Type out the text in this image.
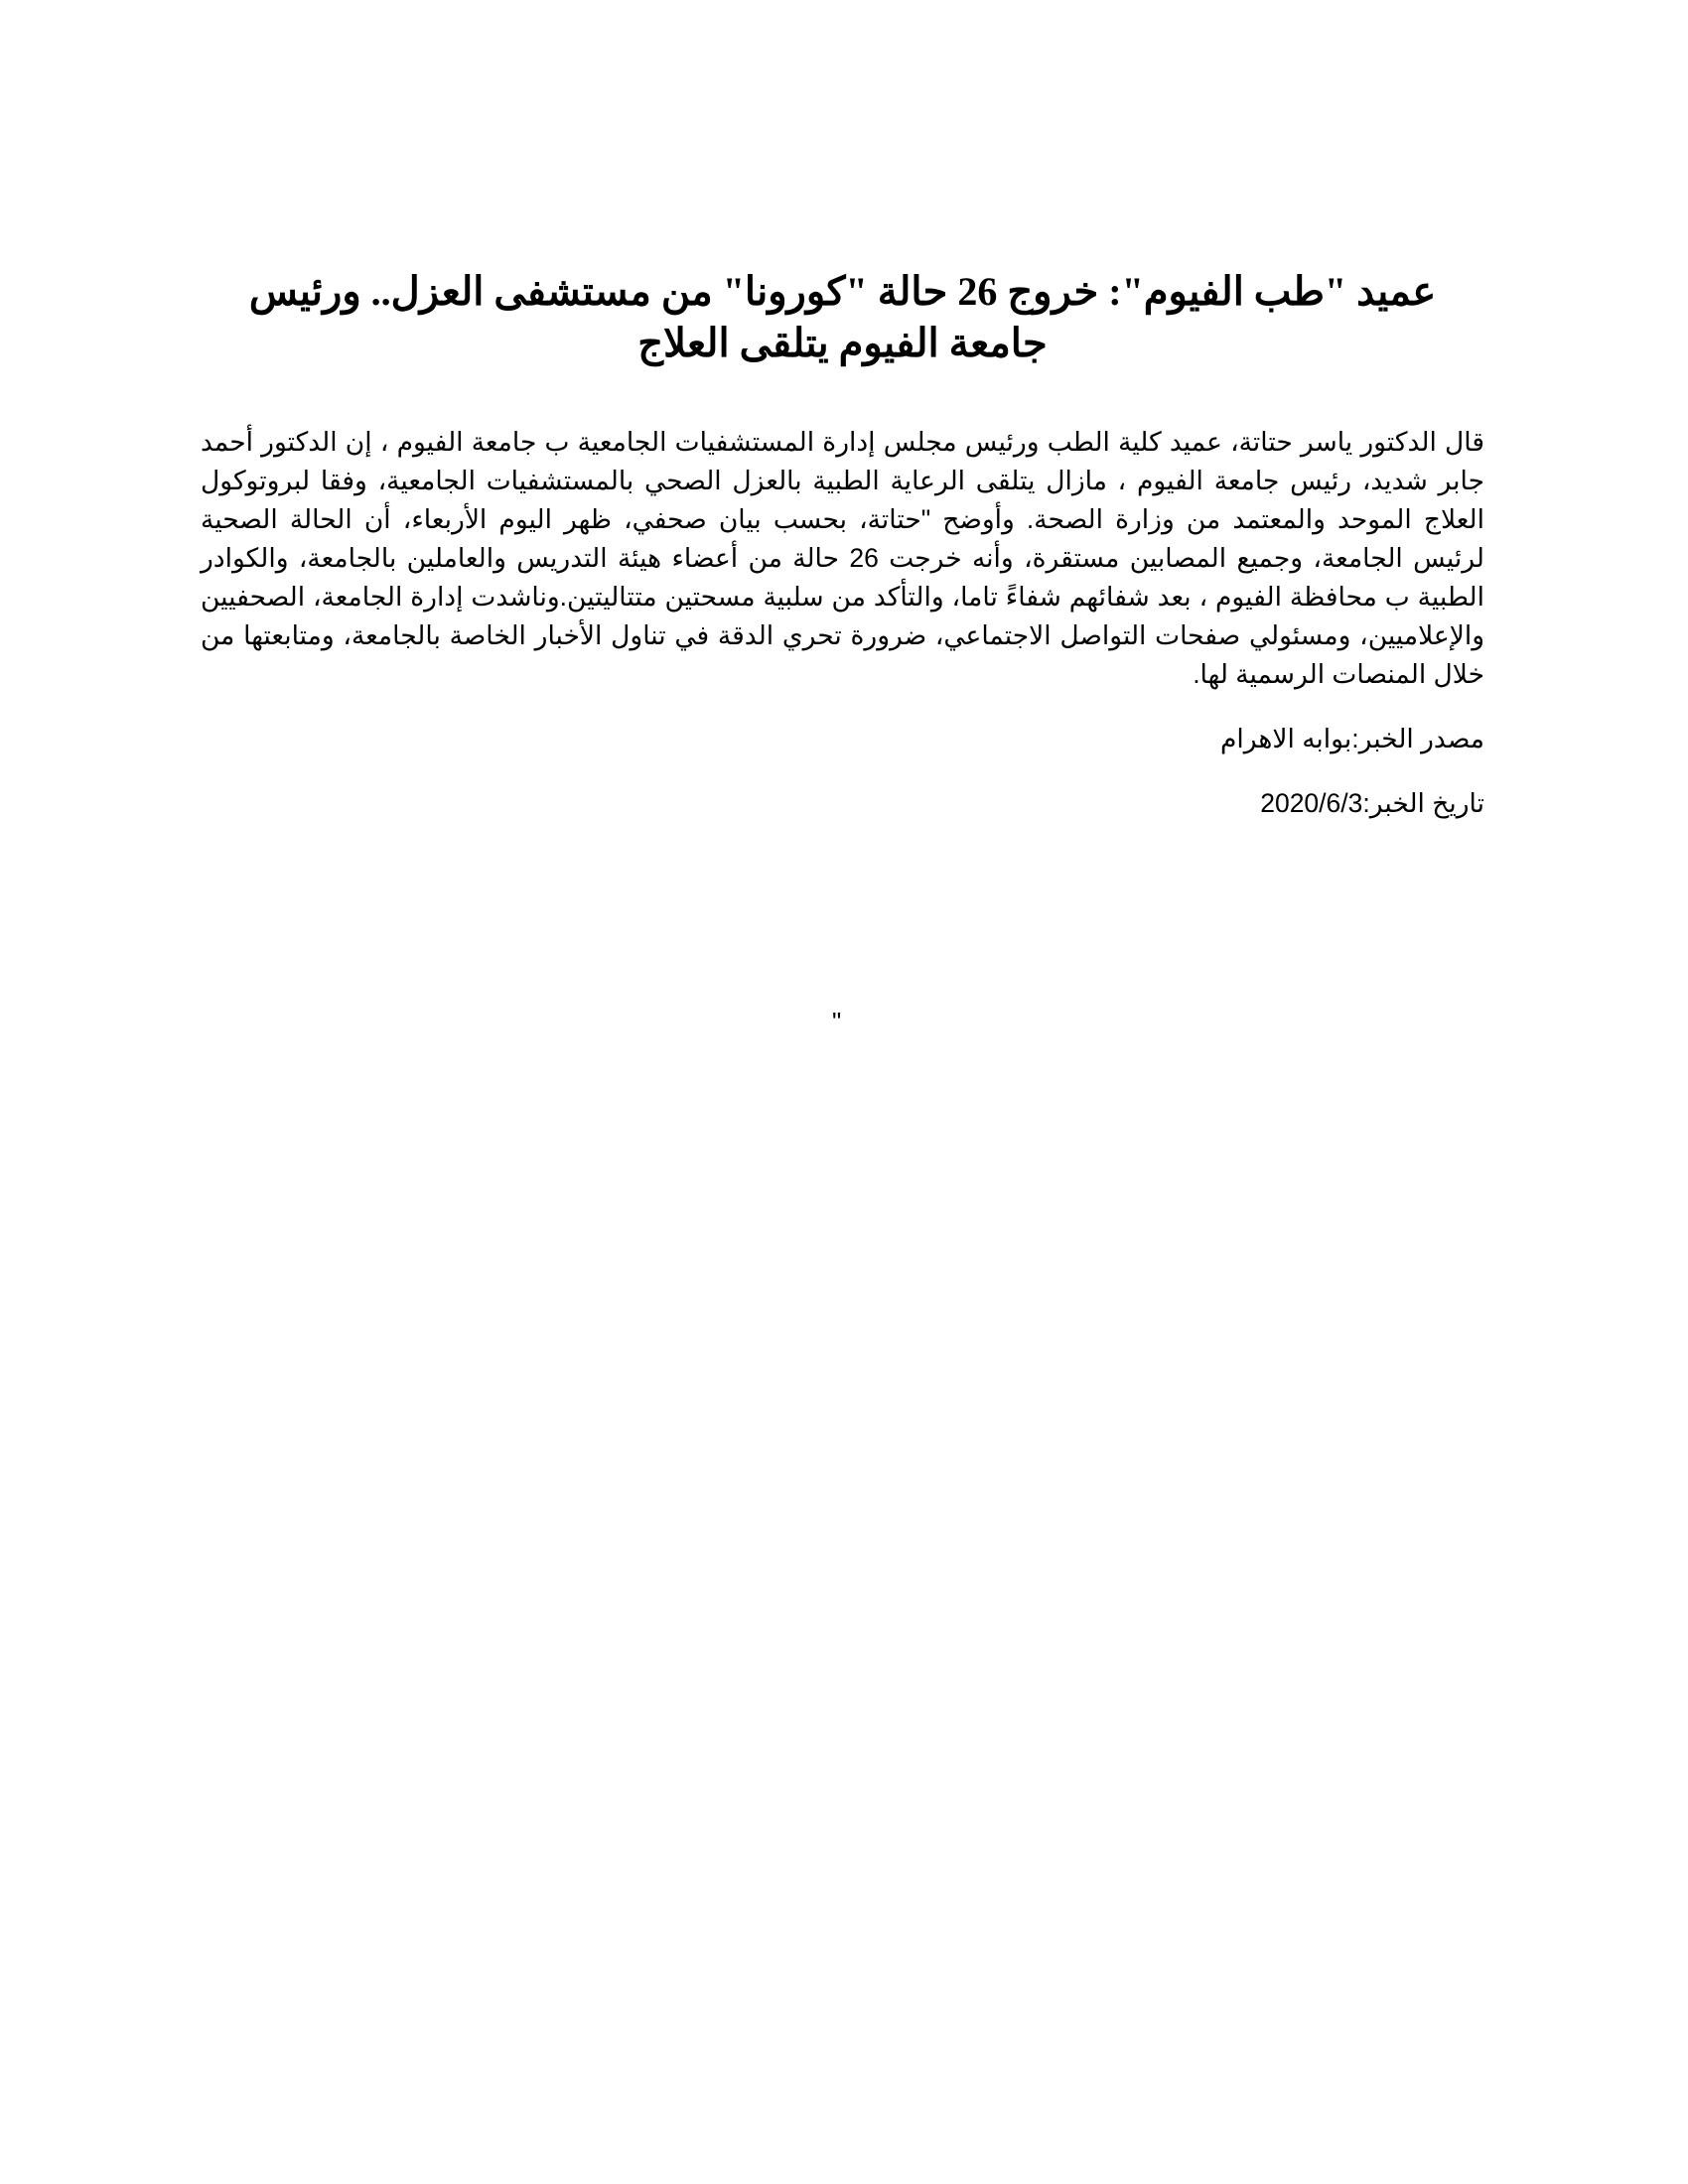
عميد "طب الفيوم": خروج 26 حالة "كورونا" من مستشفى العزل.. ورئيس جامعة الفيوم يتلقى العلاج

قال الدكتور ياسر حتاتة، عميد كلية الطب ورئيس مجلس إدارة المستشفيات الجامعية ب جامعة الفيوم ، إن الدكتور أحمد جابر شديد، رئيس جامعة الفيوم ، مازال يتلقى الرعاية الطبية بالعزل الصحي بالمستشفيات الجامعية، وفقا لبروتوكول العلاج الموحد والمعتمد من وزارة الصحة. وأوضح "حتاتة، بحسب بيان صحفي، ظهر اليوم الأربعاء، أن الحالة الصحية لرئيس الجامعة، وجميع المصابين مستقرة، وأنه خرجت 26 حالة من أعضاء هيئة التدريس والعاملين بالجامعة، والكوادر الطبية ب محافظة الفيوم ، بعد شفائهم شفاءً تاما، والتأكد من سلبية مسحتين متتاليتين.وناشدت إدارة الجامعة، الصحفيين والإعلاميين، ومسئولي صفحات التواصل الاجتماعي، ضرورة تحري الدقة في تناول الأخبار الخاصة بالجامعة، ومتابعتها من خلال المنصات الرسمية لها.

مصدر الخبر:بوابه الاهرام

تاريخ الخبر:2020/6/3

"
